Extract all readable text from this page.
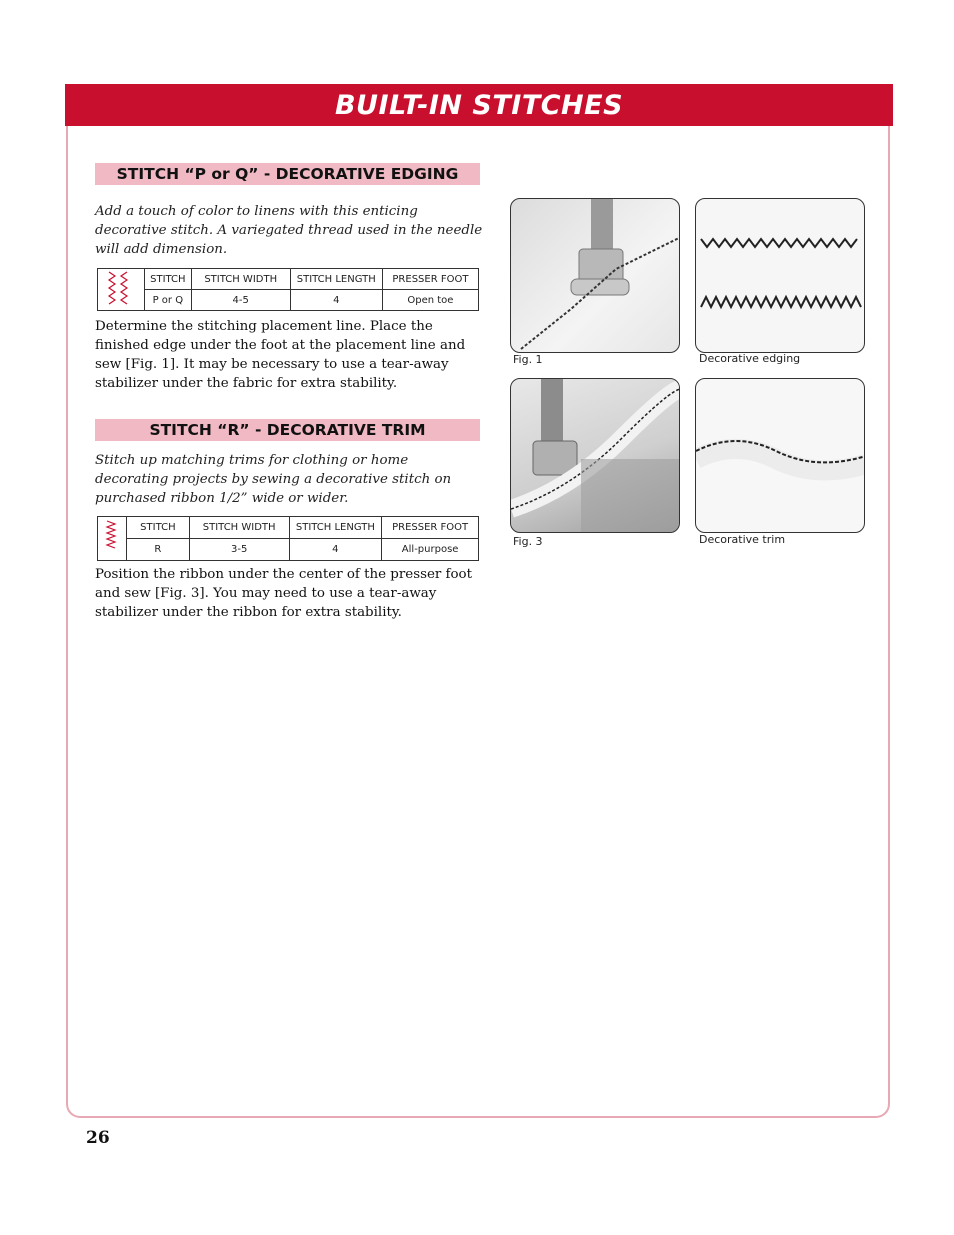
BUILT-IN STITCHES
STITCH “P or Q” - DECORATIVE EDGING

Add a touch of color to linens with this enticing decorative stitch. A variegated thread used in the needle will add dimension.

	STITCH	STITCH WIDTH	STITCH LENGTH	PRESSER FOOT
	P or Q	4-5	4	Open toe

Determine the stitching placement line. Place the finished edge under the foot at the placement line and sew [Fig. 1]. It may be necessary to use a tear-away stabilizer under the fabric for extra stability.

STITCH “R” - DECORATIVE TRIM

Stitch up matching trims for clothing or home decorating projects by sewing a decorative stitch on purchased ribbon 1/2” wide or wider.

	STITCH	STITCH WIDTH	STITCH LENGTH	PRESSER FOOT
	R	3-5	4	All-purpose

Position the ribbon under the center of the presser foot and sew [Fig. 3]. You may need to use a tear-away stabilizer under the ribbon for extra stability.

Fig. 1	Decorative edging
Fig. 3	Decorative trim
26
